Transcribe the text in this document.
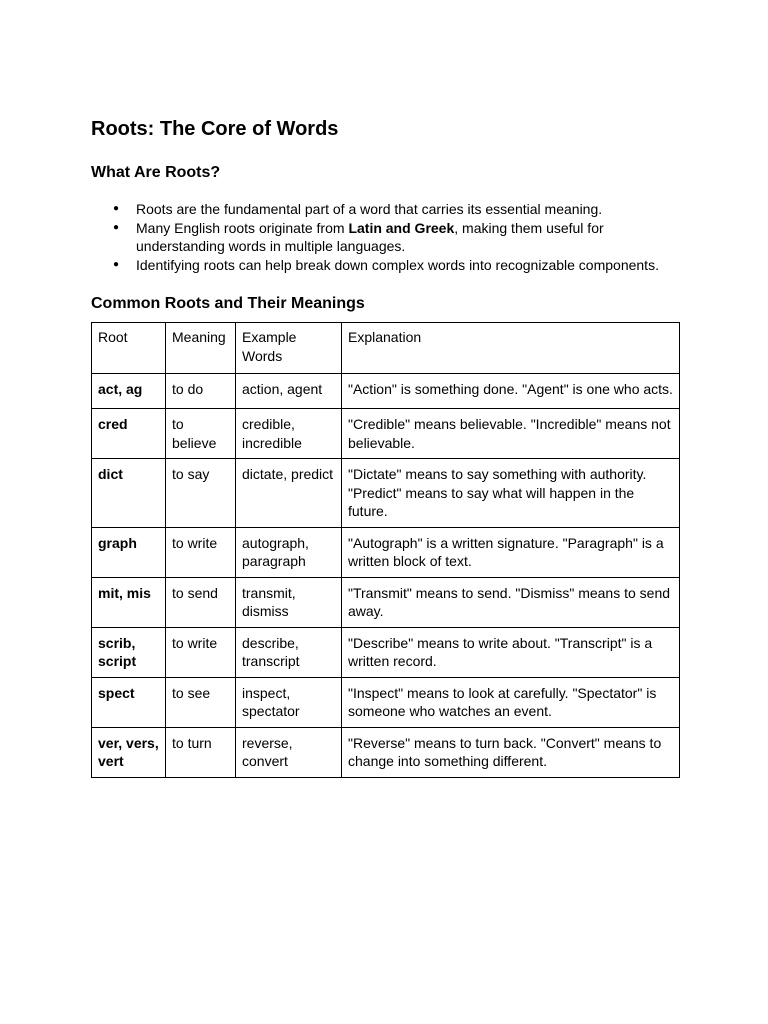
Roots: The Core of Words
What Are Roots?
● Roots are the fundamental part of a word that carries its essential meaning.
● Many English roots originate from Latin and Greek, making them useful for understanding words in multiple languages.
● Identifying roots can help break down complex words into recognizable components.
Common Roots and Their Meanings
Root	Meaning	Example Words	Explanation
act, ag	to do	action, agent	"Action" is something done. "Agent" is one who acts.
cred	to believe	credible, incredible	"Credible" means believable. "Incredible" means not believable.
dict	to say	dictate, predict	"Dictate" means to say something with authority. "Predict" means to say what will happen in the future.
graph	to write	autograph, paragraph	"Autograph" is a written signature. "Paragraph" is a written block of text.
mit, mis	to send	transmit, dismiss	"Transmit" means to send. "Dismiss" means to send away.
scrib, script	to write	describe, transcript	"Describe" means to write about. "Transcript" is a written record.
spect	to see	inspect, spectator	"Inspect" means to look at carefully. "Spectator" is someone who watches an event.
ver, vers, vert	to turn	reverse, convert	"Reverse" means to turn back. "Convert" means to change into something different.
